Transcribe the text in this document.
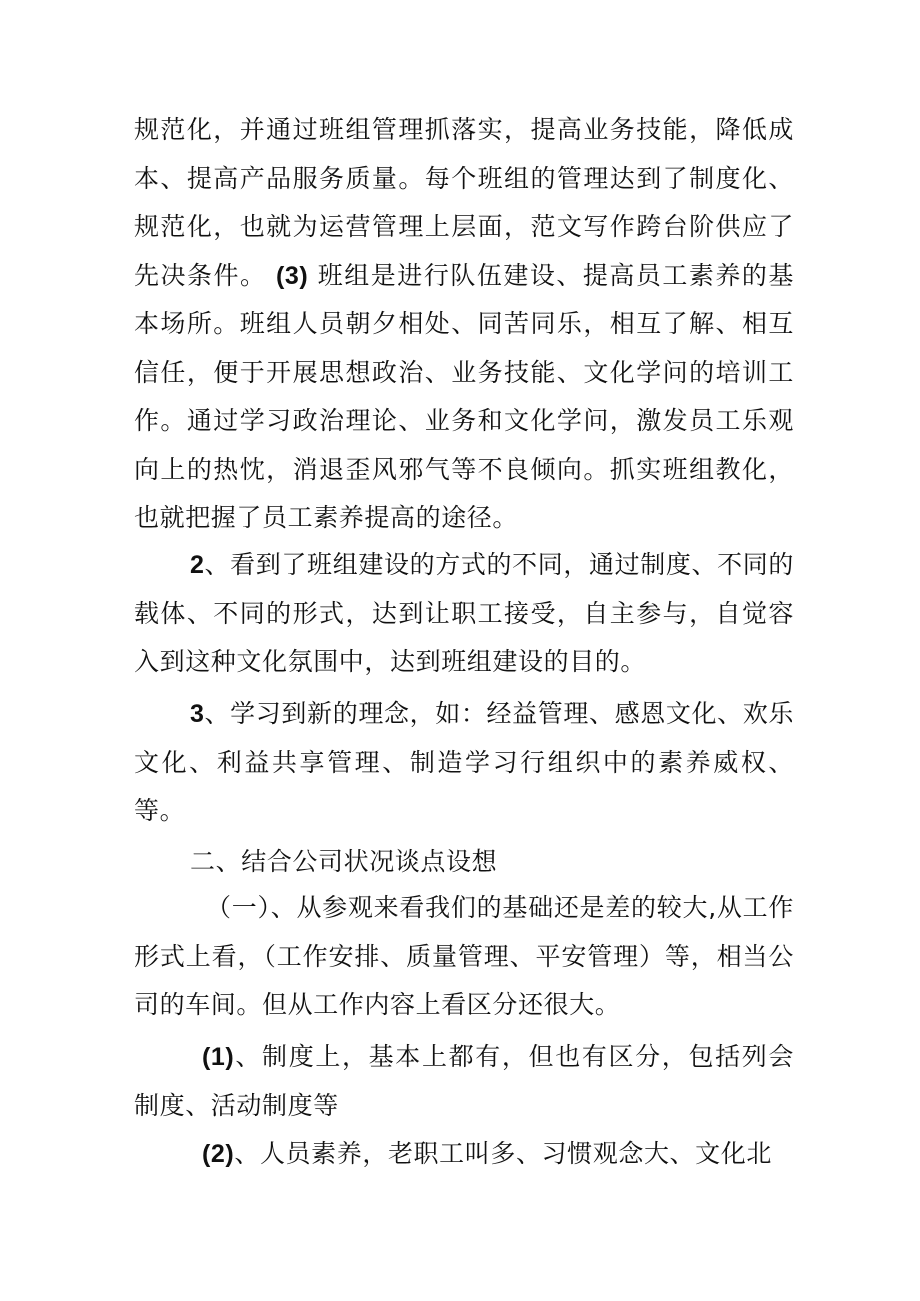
规范化，并通过班组管理抓落实，提高业务技能，降低成本、提高产品服务质量。每个班组的管理达到了制度化、规范化，也就为运营管理上层面，范文写作跨台阶供应了先决条件。 (3) 班组是进行队伍建设、提高员工素养的基本场所。班组人员朝夕相处、同苦同乐，相互了解、相互信任，便于开展思想政治、业务技能、文化学问的培训工作。通过学习政治理论、业务和文化学问，激发员工乐观向上的热忱，消退歪风邪气等不良倾向。抓实班组教化，也就把握了员工素养提高的途径。

2、看到了班组建设的方式的不同，通过制度、不同的载体、不同的形式，达到让职工接受，自主参与，自觉容入到这种文化氛围中，达到班组建设的目的。

3、学习到新的理念，如：经益管理、感恩文化、欢乐文化、利益共享管理、制造学习行组织中的素养威权、等。

二、结合公司状况谈点设想

（一）、从参观来看我们的基础还是差的较大,从工作形式上看，（工作安排、质量管理、平安管理）等，相当公司的车间。但从工作内容上看区分还很大。

(1)、制度上，基本上都有，但也有区分，包括列会制度、活动制度等

(2)、人员素养，老职工叫多、习惯观念大、文化北
